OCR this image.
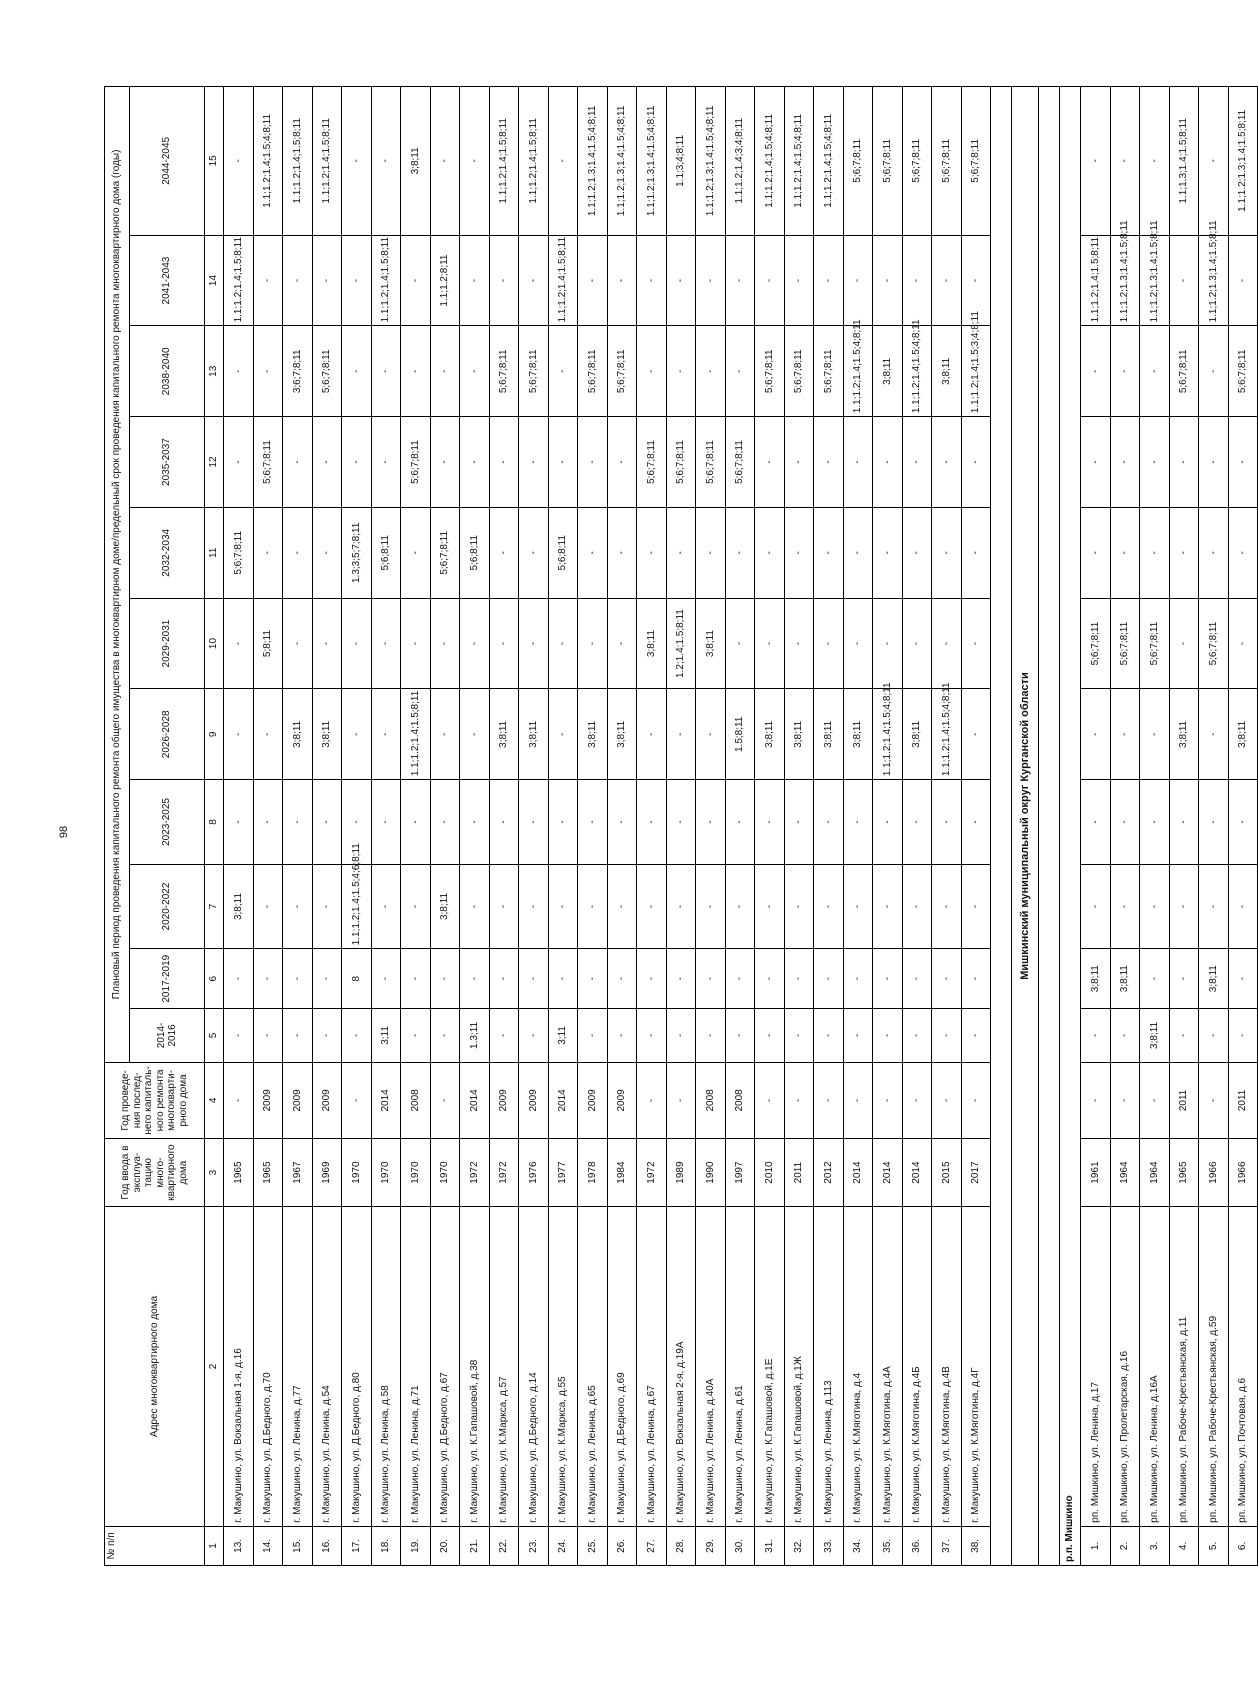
98
№ п/п	Адрес многоквартирного дома	Год ввода в эксплуа-тацию много-квартирного дома	Год проведе-ния послед-него капиталь-ного ремонта многокварти-рного дома	Плановый период проведения капитального ремонта общего имущества в многоквартирном доме/предельный срок проведения капитального ремонта многоквартирного дома (годы)										
				2014-2016	2017-2019	2020-2022	2023-2025	2026-2028	2029-2031	2032-2034	2035-2037	2038-2040	2041-2043	2044-2045
1	2	3	4	5	6	7	8	9	10	11	12	13	14	15
13.	г. Макушино, ул. Вокзальная 1-я, д.16	1965	-	-	-	3;8;11	-	-	-	5;6;7;8;11	-	-	1.1;1.2;1.4;1.5;8;11	-
14.	г. Макушино, ул. Д.Бедного, д.70	1965	2009	-	-	-	-	-	5;8;11	-	5;6;7;8;11	-	-	1.1;1.2;1.4;1.5;4;8;11
15.	г. Макушино, ул. Ленина, д.77	1967	2009	-	-	-	-	3;8;11	-	-	-	3;6;7;8;11	-	1.1;1.2;1.4;1.5;8;11
16.	г. Макушино, ул. Ленина, д.54	1969	2009	-	-	-	-	3;8;11	-	-	-	5;6;7;8;11	-	1.1;1.2;1.4;1.5;8;11
17.	г. Макушино, ул. Д.Бедного, д.80	1970	-	-	8	1.1;1.2;1.4;1.5;4;6;8;11	-	-	-	1.3;3;5;7;8;11	-	-	-	-
18.	г. Макушино, ул. Ленина, д.58	1970	2014	3;11	-	-	-	-	-	5;6;8;11	-	-	1.1;1.2;1.4;1.5;8;11	-
19.	г. Макушино, ул. Ленина, д.71	1970	2008	-	-	-	-	1.1;1.2;1.4;1.5;8;11	-	-	5;6;7;8;11	-	-	3;8;11
20.	г. Макушино, ул. Д.Бедного, д.67	1970	-	-	-	3;8;11	-	-	-	5;6;7;8;11	-	-	1.1;1.2;8;11	-
21.	г. Макушино, ул. К.Гапашовой, д.38	1972	2014	1.3;11	-	-	-	-	-	5;6;8;11	-	-	-	-
22.	г. Макушино, ул. К.Маркса, д.57	1972	2009	-	-	-	-	3;8;11	-	-	-	5;6;7;8;11	-	1.1;1.2;1.4;1.5;8;11
23.	г. Макушино, ул. Д.Бедного, д.14	1976	2009	-	-	-	-	3;8;11	-	-	-	5;6;7;8;11	-	1.1;1.2;1.4;1.5;8;11
24.	г. Макушино, ул. К.Маркса, д.55	1977	2014	3;11	-	-	-	-	-	5;6;8;11	-	-	1.1;1.2;1.4;1.5;8;11	-
25.	г. Макушино, ул. Ленина, д.65	1978	2009	-	-	-	-	3;8;11	-	-	-	5;6;7;8;11	-	1.1;1.2;1.3;1.4;1.5;4;8;11
26.	г. Макушино, ул. Д.Бедного, д.69	1984	2009	-	-	-	-	3;8;11	-	-	-	5;6;7;8;11	-	1.1;1.2;1.3;1.4;1.5;4;8;11
27.	г. Макушино, ул. Ленина, д.67	1972	-	-	-	-	-	-	3;8;11	-	5;6;7;8;11	-	-	1.1;1.2;1.3;1.4;1.5;4;8;11
28.	г. Макушино, ул. Вокзальная 2-я, д.19А	1989	-	-	-	-	-	-	1.2;1.4;1.5;8;11	-	5;6;7;8;11	-	-	1.1;3;4;8;11
29.	г. Макушино, ул. Ленина, д.40А	1990	2008	-	-	-	-	-	3;8;11	-	5;6;7;8;11	-	-	1.1;1.2;1.3;1.4;1.5;4;8;11
30.	г. Макушино, ул. Ленина, д.61	1997	2008	-	-	-	-	1.5;8;11	-	-	5;6;7;8;11	-	-	1.1;1.2;1.4;3;4;8;11
31.	г. Макушино, ул. К.Гапашовой, д.1Е	2010	-	-	-	-	-	3;8;11	-	-	-	5;6;7;8;11	-	1.1;1.2;1.4;1.5;4;8;11
32.	г. Макушино, ул. К.Гапашовой, д.1Ж	2011	-	-	-	-	-	3;8;11	-	-	-	5;6;7;8;11	-	1.1;1.2;1.4;1.5;4;8;11
33.	г. Макушино, ул. Ленина, д.113	2012	-	-	-	-	-	3;8;11	-	-	-	5;6;7;8;11	-	1.1;1.2;1.4;1.5;4;8;11
34.	г. Макушино, ул. К.Мяготина, д.4	2014	-	-	-	-	-	3;8;11	-	-	-	1.1;1.2;1.4;1.5;4;8;11	-	5;6;7;8;11
35.	г. Макушино, ул. К.Мяготина, д.4А	2014	-	-	-	-	-	1.1;1.2;1.4;1.5;4;8;11	-	-	-	3;8;11	-	5;6;7;8;11
36.	г. Макушино, ул. К.Мяготина, д.4Б	2014	-	-	-	-	-	3;8;11	-	-	-	1.1;1.2;1.4;1.5;4;8;11	-	5;6;7;8;11
37.	г. Макушино, ул. К.Мяготина, д.4В	2015	-	-	-	-	-	1.1;1.2;1.4;1.5;4;8;11	-	-	-	3;8;11	-	5;6;7;8;11
38.	г. Макушино, ул. К.Мяготина, д.4Г	2017	-	-	-	-	-	-	-	-	-	1.1;1.2;1.4;1.5;3;4;8;11	-	5;6;7;8;11

Мишкинский муниципальный округ Курганской области														

р.п. Мишкино														
1.	рп. Мишкино, ул. Ленина, д.17	1961	-	-	3;8;11	-	-	-	5;6;7;8;11	-	-	-	1.1;1.2;1.4;1.5;8;11	-
2.	рп. Мишкино, ул. Пролетарская, д.16	1964	-	-	3;8;11	-	-	-	5;6;7;8;11	-	-	-	1.1;1.2;1.3;1.4;1.5;8;11	-
3.	рп. Мишкино, ул. Ленина, д.16А	1964	-	3;8;11	-	-	-	-	5;6;7;8;11	-	-	-	1.1;1.2;1.3;1.4;1.5;8;11	-
4.	рп. Мишкино, ул. Рабоче-Крестьянская, д.11	1965	2011	-	-	-	-	3;8;11	-	-	-	5;6;7;8;11	-	1.1;1.3;1.4;1.5;8;11
5.	рп. Мишкино, ул. Рабоче-Крестьянская, д.59	1966	-	-	3;8;11	-	-	-	5;6;7;8;11	-	-	-	1.1;1.2;1.3;1.4;1.5;8;11	-
6.	рп. Мишкино, ул. Почтовая, д.6	1966	2011	-	-	-	-	3;8;11	-	-	-	5;6;7;8;11	-	1.1;1.2;1.3;1.4;1.5;8;11
